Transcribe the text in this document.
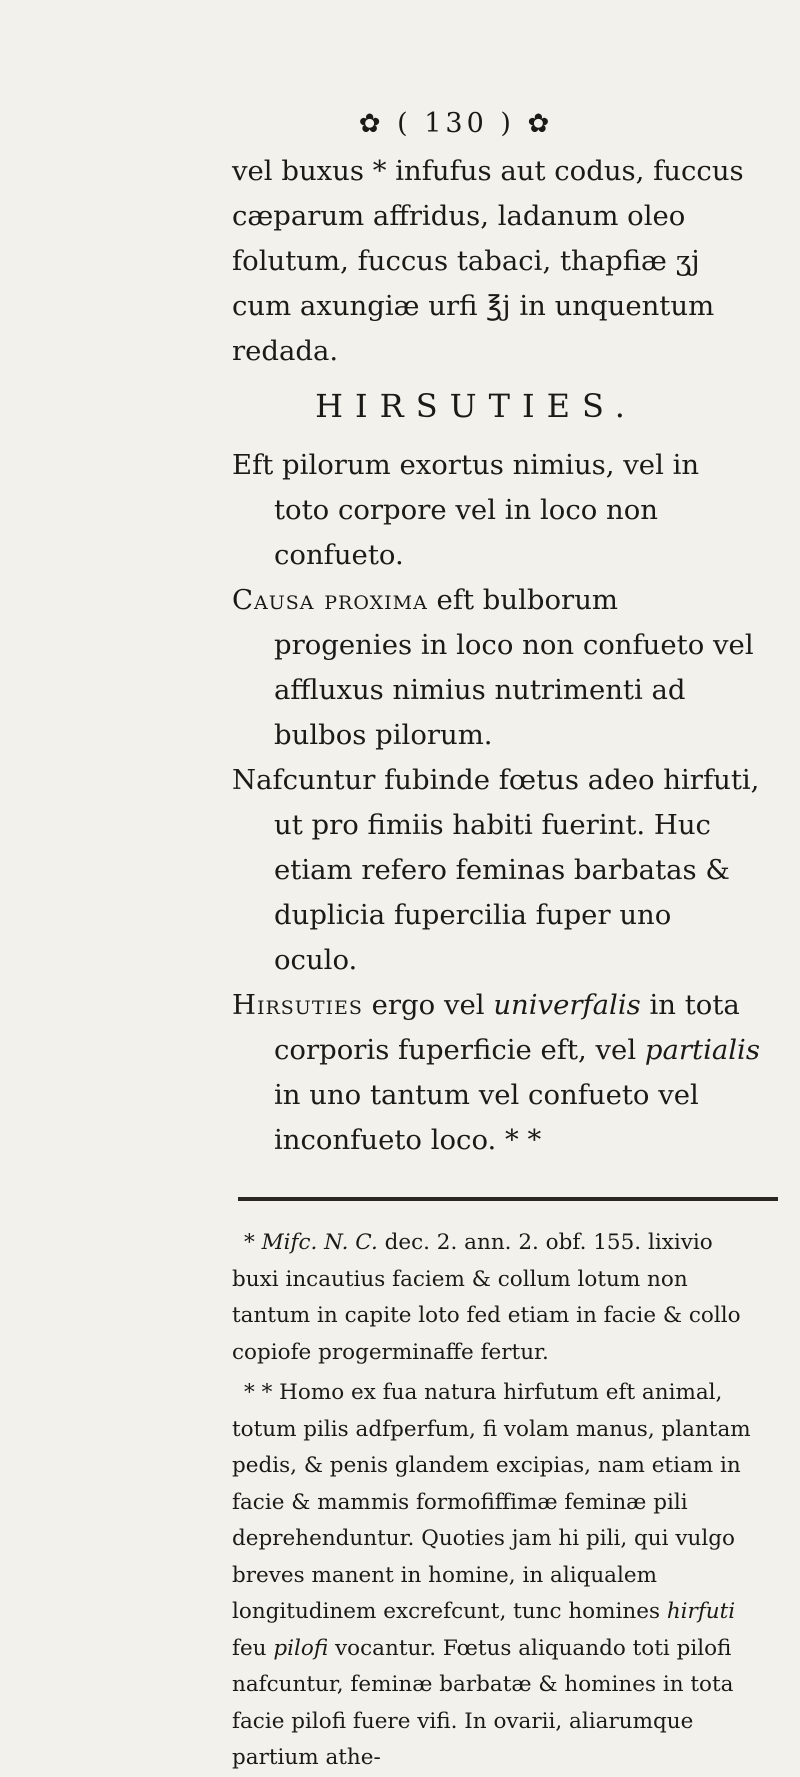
✿ ( 130 ) ✿

vel buxus * infufus aut codus, fuccus cæparum affridus, ladanum oleo folutum, fuccus tabaci, thapfiæ ʒj cum axungiæ urfi ℥j in unquentum redada.

HIRSUTIES.

Eft pilorum exortus nimius, vel in toto corpore vel in loco non confueto.

Causa proxima eft bulborum progenies in loco non confueto vel affluxus nimius nutrimenti ad bulbos pilorum.

Nafcuntur fubinde fœtus adeo hirfuti, ut pro fimiis habiti fuerint. Huc etiam refero feminas barbatas & duplicia fupercilia fuper uno oculo.

Hirsuties ergo vel univerfalis in tota corporis fuperficie eft, vel partialis in uno tantum vel confueto vel inconfueto loco. * *

* Mifc. N. C. dec. 2. ann. 2. obf. 155. lixivio buxi incautius faciem & collum lotum non tantum in capite loto fed etiam in facie & collo copiofe progerminaffe fertur.

* * Homo ex fua natura hirfutum eft animal, totum pilis adfperfum, fi volam manus, plantam pedis, & penis glandem excipias, nam etiam in facie & mammis formofiffimæ feminæ pili deprehenduntur. Quoties jam hi pili, qui vulgo breves manent in homine, in aliqualem longitudinem excrefcunt, tunc homines hirfuti feu pilofi vocantur. Fœtus aliquando toti pilofi nafcuntur, feminæ barbatæ & homines in tota facie pilofi fuere vifi. In ovarii, aliarumque partium athe-
